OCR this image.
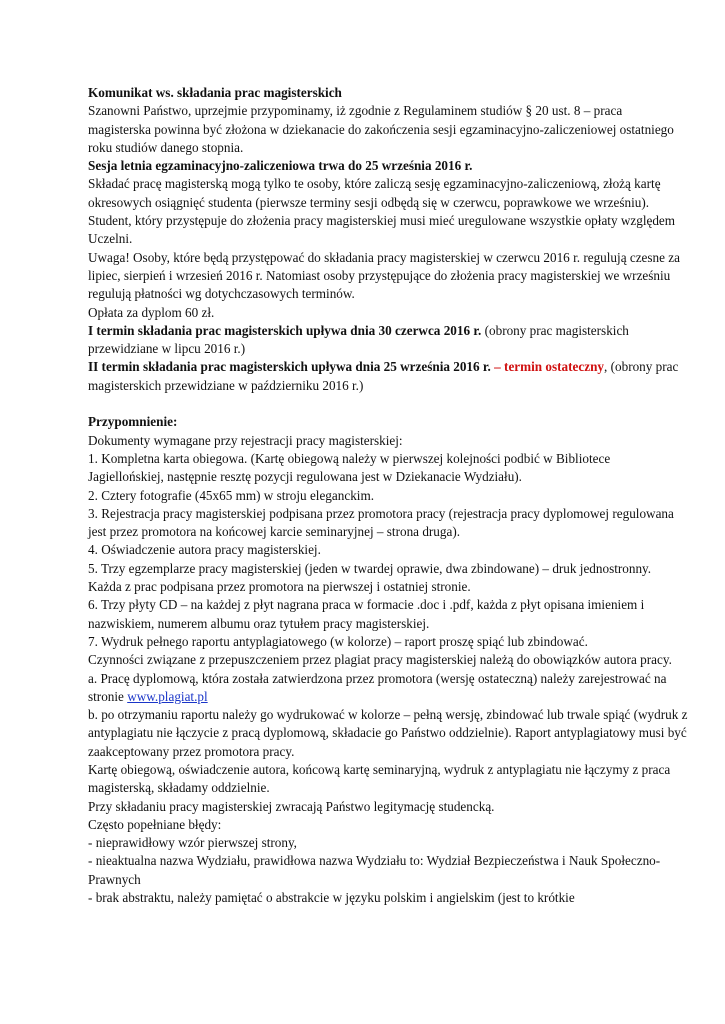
Komunikat ws. składania prac magisterskich

Szanowni Państwo, uprzejmie przypominamy, iż zgodnie z Regulaminem studiów § 20 ust. 8 – praca magisterska powinna być złożona w dziekanacie do zakończenia sesji egzaminacyjno-zaliczeniowej ostatniego roku studiów danego stopnia.

Sesja letnia egzaminacyjno-zaliczeniowa trwa do 25 września 2016 r.

Składać pracę magisterską mogą tylko te osoby, które zaliczą sesję egzaminacyjno-zaliczeniową, złożą kartę okresowych osiągnięć studenta (pierwsze terminy sesji odbędą się w czerwcu, poprawkowe we wrześniu).

Student, który przystępuje do złożenia pracy magisterskiej musi mieć uregulowane wszystkie opłaty względem Uczelni.

Uwaga! Osoby, które będą przystępować do składania pracy magisterskiej w czerwcu 2016 r. regulują czesne za lipiec, sierpień i wrzesień 2016 r. Natomiast osoby przystępujące do złożenia pracy magisterskiej we wrześniu regulują płatności wg dotychczasowych terminów.

Opłata za dyplom 60 zł.

I termin składania prac magisterskich upływa dnia 30 czerwca 2016 r. (obrony prac magisterskich przewidziane w lipcu 2016 r.)

II termin składania prac magisterskich upływa dnia 25 września 2016 r. – termin ostateczny, (obrony prac magisterskich przewidziane w październiku 2016 r.)

Przypomnienie:

Dokumenty wymagane przy rejestracji pracy magisterskiej:

1. Kompletna karta obiegowa. (Kartę obiegową należy w pierwszej kolejności podbić w Bibliotece Jagiellońskiej, następnie resztę pozycji regulowana jest w Dziekanacie Wydziału).

2. Cztery fotografie (45x65 mm) w stroju eleganckim.

3. Rejestracja pracy magisterskiej podpisana przez promotora pracy (rejestracja pracy dyplomowej regulowana jest przez promotora na końcowej karcie seminaryjnej – strona druga).

4. Oświadczenie autora pracy magisterskiej.

5. Trzy egzemplarze pracy magisterskiej (jeden w twardej oprawie, dwa zbindowane) – druk jednostronny. Każda z prac podpisana przez promotora na pierwszej i ostatniej stronie.

6. Trzy płyty CD – na każdej z płyt nagrana praca w formacie .doc i .pdf, każda z płyt opisana imieniem i nazwiskiem, numerem albumu oraz tytułem pracy magisterskiej.

7. Wydruk pełnego raportu antyplagiatowego (w kolorze) – raport proszę spiąć lub zbindować.

Czynności związane z przepuszczeniem przez plagiat pracy magisterskiej należą do obowiązków autora pracy.

a. Pracę dyplomową, która została zatwierdzona przez promotora (wersję ostateczną) należy zarejestrować na stronie www.plagiat.pl

b. po otrzymaniu raportu należy go wydrukować w kolorze – pełną wersję, zbindować lub trwale spiąć (wydruk z antyplagiatu nie łączycie z pracą dyplomową, składacie go Państwo oddzielnie). Raport antyplagiatowy musi być zaakceptowany przez promotora pracy.

Kartę obiegową, oświadczenie autora, końcową kartę seminaryjną, wydruk z antyplagiatu nie łączymy z praca magisterską, składamy oddzielnie.

Przy składaniu pracy magisterskiej zwracają Państwo legitymację studencką.

Często popełniane błędy:

- nieprawidłowy wzór pierwszej strony,

- nieaktualna nazwa Wydziału, prawidłowa nazwa Wydziału to: Wydział Bezpieczeństwa i Nauk Społeczno-Prawnych

- brak abstraktu, należy pamiętać o abstrakcie w języku polskim i angielskim (jest to krótkie
